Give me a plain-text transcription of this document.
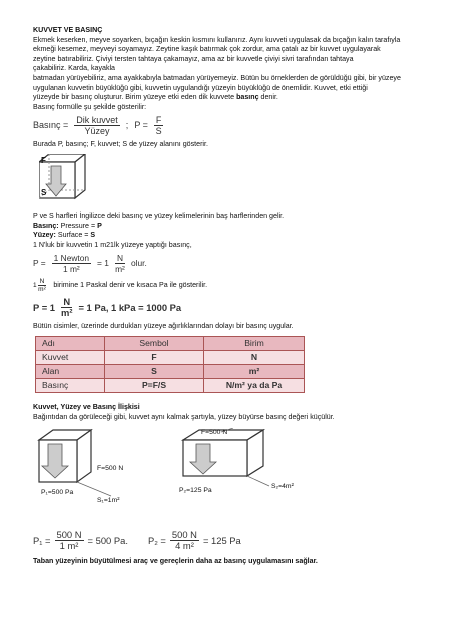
KUVVET VE BASINÇ

Ekmek keserken, meyve soyarken, bıçağın keskin kısmını kullanırız. Aynı kuvveti uygulasak da bıçağın kalın tarafıyla

ekmeği kesemez, meyveyi soyamayız. Zeytine kaşık batırmak çok zordur, ama çatalı az bir kuvvet uygulayarak

zeytine batırabiliriz. Çiviyi tersten tahtaya çakamayız, ama az bir kuvvetle çiviyi sivri tarafından tahtaya

çakabiliriz. Karda, kayakla

batmadan yürüyebiliriz, ama ayakkabıyla batmadan yürüyemeyiz. Bütün bu örneklerden de görüldüğü gibi, bir yüzeye

uygulanan kuvvetin büyüklüğü gibi, kuvvetin uygulandığı yüzeyin büyüklüğü de önemlidir. Kuvvet, etki ettiği

yüzeyde bir basınç oluşturur. Birim yüzeye etki eden dik kuvvete basınç denir.

Basınç formülle şu şekilde gösterilir:

Basınç = $\frac{\text{Dik kuvvet}}{\text{Yüzey}}$ ; $P = \frac{F}{S}$

Burada P, basınç; F, kuvvet; S de yüzey alanını gösterir.

F
S

P ve S harfleri İngilizce deki basınç ve yüzey kelimelerinin baş harflerinden gelir.

Basınç: Pressure = P

Yüzey: Surface = S

1 N'luk bir kuvvetin 1 m21lk yüzeye yaptığı basınç,

$P = \frac{\text{1 Newton}}{\text{1 m²}} = 1 \frac{N}{\text{m²}}$ olur.
$1 \frac{N}{\text{m²}}$ birimine 1 Paskal denir ve kısaca Pa ile gösterilir.
$P = 1 \frac{N}{\text{m²}} = 1$ Pa, 1 kPa = 1000 Pa

Bütün cisimler, üzerinde durdukları yüzeye ağırlıklarından dolayı bir basınç uygular.

Adı	Sembol	Birim
Kuvvet	F	N
Alan	S	m²
Basınç	P=F/S	N/m² ya da Pa

Kuvvet, Yüzey ve Basınç İlişkisi

Bağıntıdan da görüleceği gibi, kuvvet aynı kalmak şartıyla, yüzey büyürse basınç değeri küçülür.

F=500 N
S₁=1m²
P₁=500 Pa
F=500 N
S₂=4m²
P₂=125 Pa
$P_1 = \frac{500 N}{\text{1 m²}} = 500$ Pa. $P_2 = \frac{500 N}{\text{4 m²}} = 125$ Pa

Taban yüzeyinin büyütülmesi araç ve gereçlerin daha az basınç uygulamasını sağlar.
